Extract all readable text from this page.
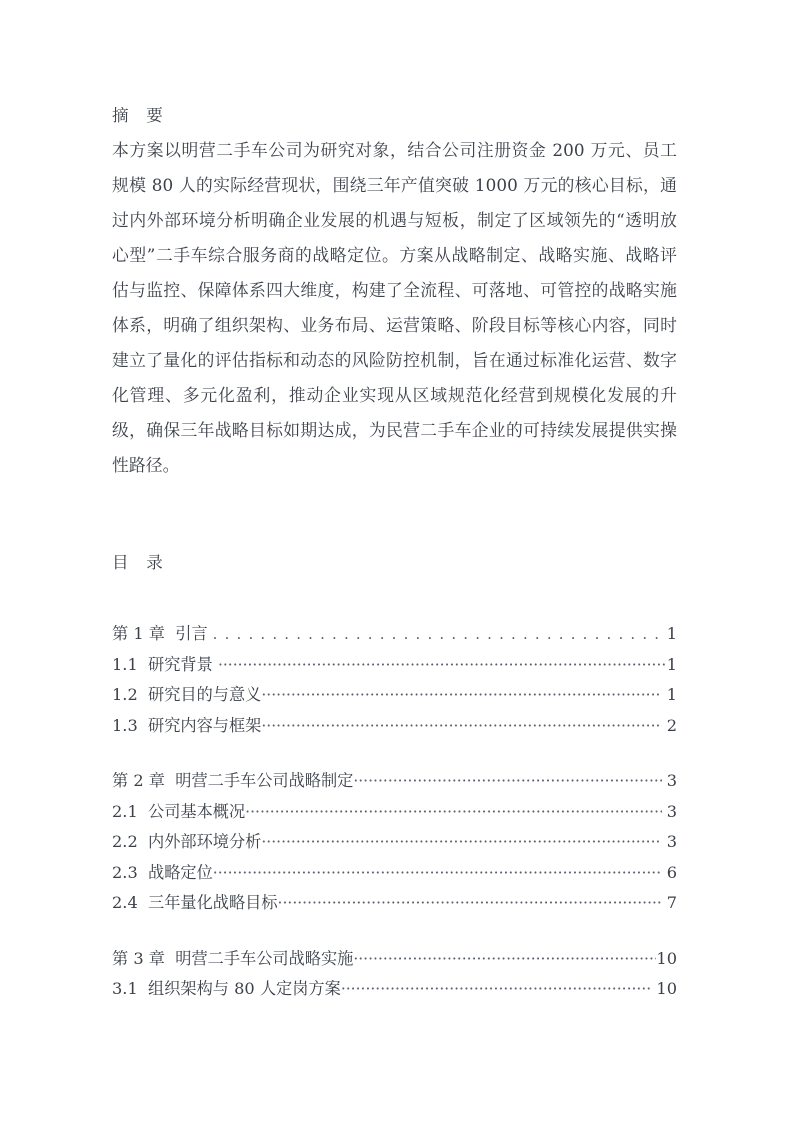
摘   要

本方案以明营二手车公司为研究对象，结合公司注册资金 200 万元、员工规模 80 人的实际经营现状，围绕三年产值突破 1000 万元的核心目标，通过内外部环境分析明确企业发展的机遇与短板，制定了区域领先的“透明放心型”二手车综合服务商的战略定位。方案从战略制定、战略实施、战略评估与监控、保障体系四大维度，构建了全流程、可落地、可管控的战略实施体系，明确了组织架构、业务布局、运营策略、阶段目标等核心内容，同时建立了量化的评估指标和动态的风险防控机制，旨在通过标准化运营、数字化管理、多元化盈利，推动企业实现从区域规范化经营到规模化发展的升级，确保三年战略目标如期达成，为民营二手车企业的可持续发展提供实操性路径。

目   录
第 1 章  引言 . . .	1
1.1  研究背景 ·····	1
1.2  研究目的与意义 ·····	1
1.3  研究内容与框架 ·····	2
第 2 章  明营二手车公司战略制定 ·····	3
2.1  公司基本概况 ·····	3
2.2  内外部环境分析 ·····	3
2.3  战略定位 ·····	6
2.4  三年量化战略目标 ·····	7
第 3 章  明营二手车公司战略实施 ·····	10
3.1  组织架构与 80 人定岗方案 ·····	10
